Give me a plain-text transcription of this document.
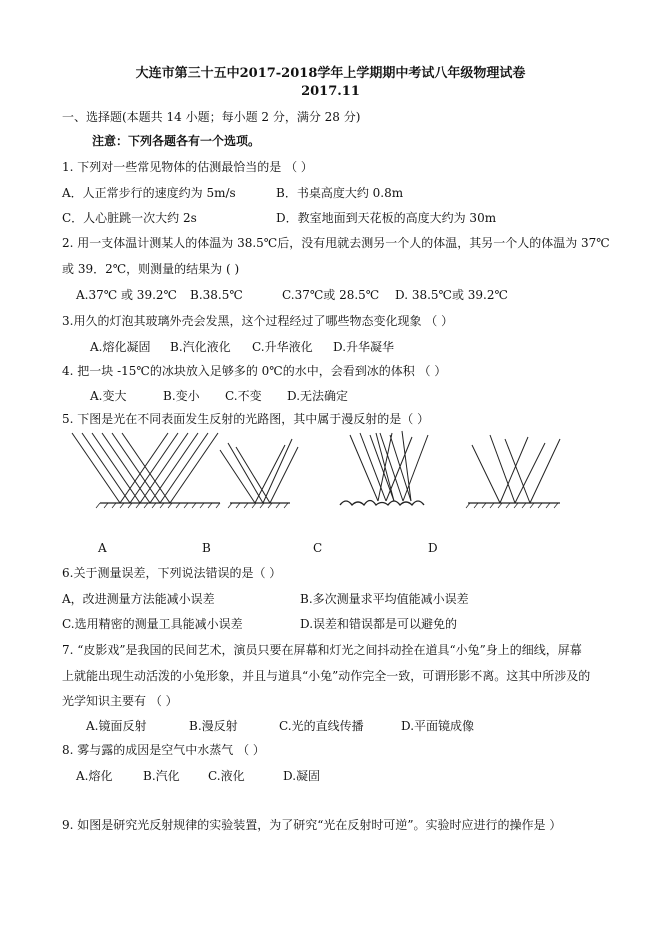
大连市第三十五中2017-2018学年上学期期中考试八年级物理试卷
2017.11
一、选择题(本题共 14 小题；每小题 2 分，满分 28 分)
注意：下列各题各有一个选项。
1. 下列对一些常见物体的估测最恰当的是 （ ）
A．人正常步行的速度约为 5m/s	B．书桌高度大约 0.8m
C．人心脏跳一次大约 2s	D．教室地面到天花板的高度大约为 30m
2. 用一支体温计测某人的体温为 38.5℃后，没有甩就去测另一个人的体温，其另一个人的体温为 37℃
或 39．2℃，则测量的结果为 ( )
A.37℃ 或 39.2℃ B.38.5℃	C.37℃或 28.5℃ D. 38.5℃或 39.2℃
3.用久的灯泡其玻璃外壳会发黑，这个过程经过了哪些物态变化现象 （ ）
A.熔化凝固 B.汽化液化 C.升华液化 D.升华凝华
4. 把一块 -15℃的冰块放入足够多的 0℃的水中，会看到冰的体积 （ ）
A.变大	B.变小 C.不变 D.无法确定
5. 下图是光在不同表面发生反射的光路图，其中属于漫反射的是（ ）
A	B	C	D
6.关于测量误差，下列说法错误的是（ ）
A，改进测量方法能减小误差	B.多次测量求平均值能减小误差
C.选用精密的测量工具能减小误差	D.误差和错误都是可以避免的
7. “皮影戏”是我国的民间艺术，演员只要在屏幕和灯光之间抖动拴在道具“小兔”身上的细线，屏幕
上就能出现生动活泼的小兔形象，并且与道具“小兔”动作完全一致，可谓形影不离。这其中所涉及的
光学知识主要有 （ ）
A.镜面反射	B.漫反射	C.光的直线传播	D.平面镜成像
8. 雾与露的成因是空气中水蒸气 （ ）
A.熔化	B.汽化 C.液化	D.凝固
9. 如图是研究光反射规律的实验装置，为了研究“光在反射时可逆”。实验时应进行的操作是 ）
